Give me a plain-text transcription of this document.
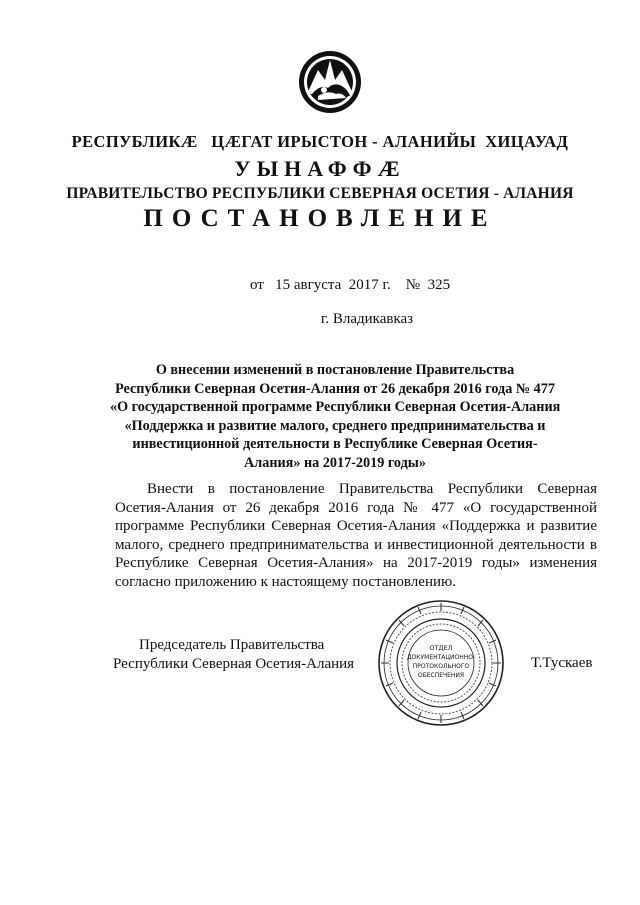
РЕСПУБЛИКӔ   ЦӔГАТ ИРЫСТОН - АЛАНИЙЫ  ХИЦАУАД
УЫНАФФӔ
ПРАВИТЕЛЬСТВО РЕСПУБЛИКИ СЕВЕРНАЯ ОСЕТИЯ - АЛАНИЯ
ПОСТАНОВЛЕНИЕ
от   15 августа  2017 г.    №  325
г. Владикавказ
О внесении изменений в постановление Правительства
Республики Северная Осетия-Алания от 26 декабря 2016 года № 477
«О государственной программе Республики Северная Осетия-Алания
«Поддержка и развитие малого, среднего предпринимательства и
инвестиционной деятельности в Республике Северная Осетия-
Алания» на 2017-2019 годы»
Внести в постановление Правительства Республики Северная
Осетия-Алания от 26 декабря 2016 года № 477 «О государственной
программе Республики Северная Осетия-Алания «Поддержка и развитие
малого, среднего предпринимательства и инвестиционной деятельности в
Республике Северная Осетия-Алания» на 2017-2019 годы» изменения
согласно приложению к настоящему постановлению.
Председатель Правительства
Республики Северная Осетия-Алания
ОТДЕЛ
ДОКУМЕНТАЦИОННО-
ПРОТОКОЛЬНОГО
ОБЕСПЕЧЕНИЯ
Т.Тускаев
